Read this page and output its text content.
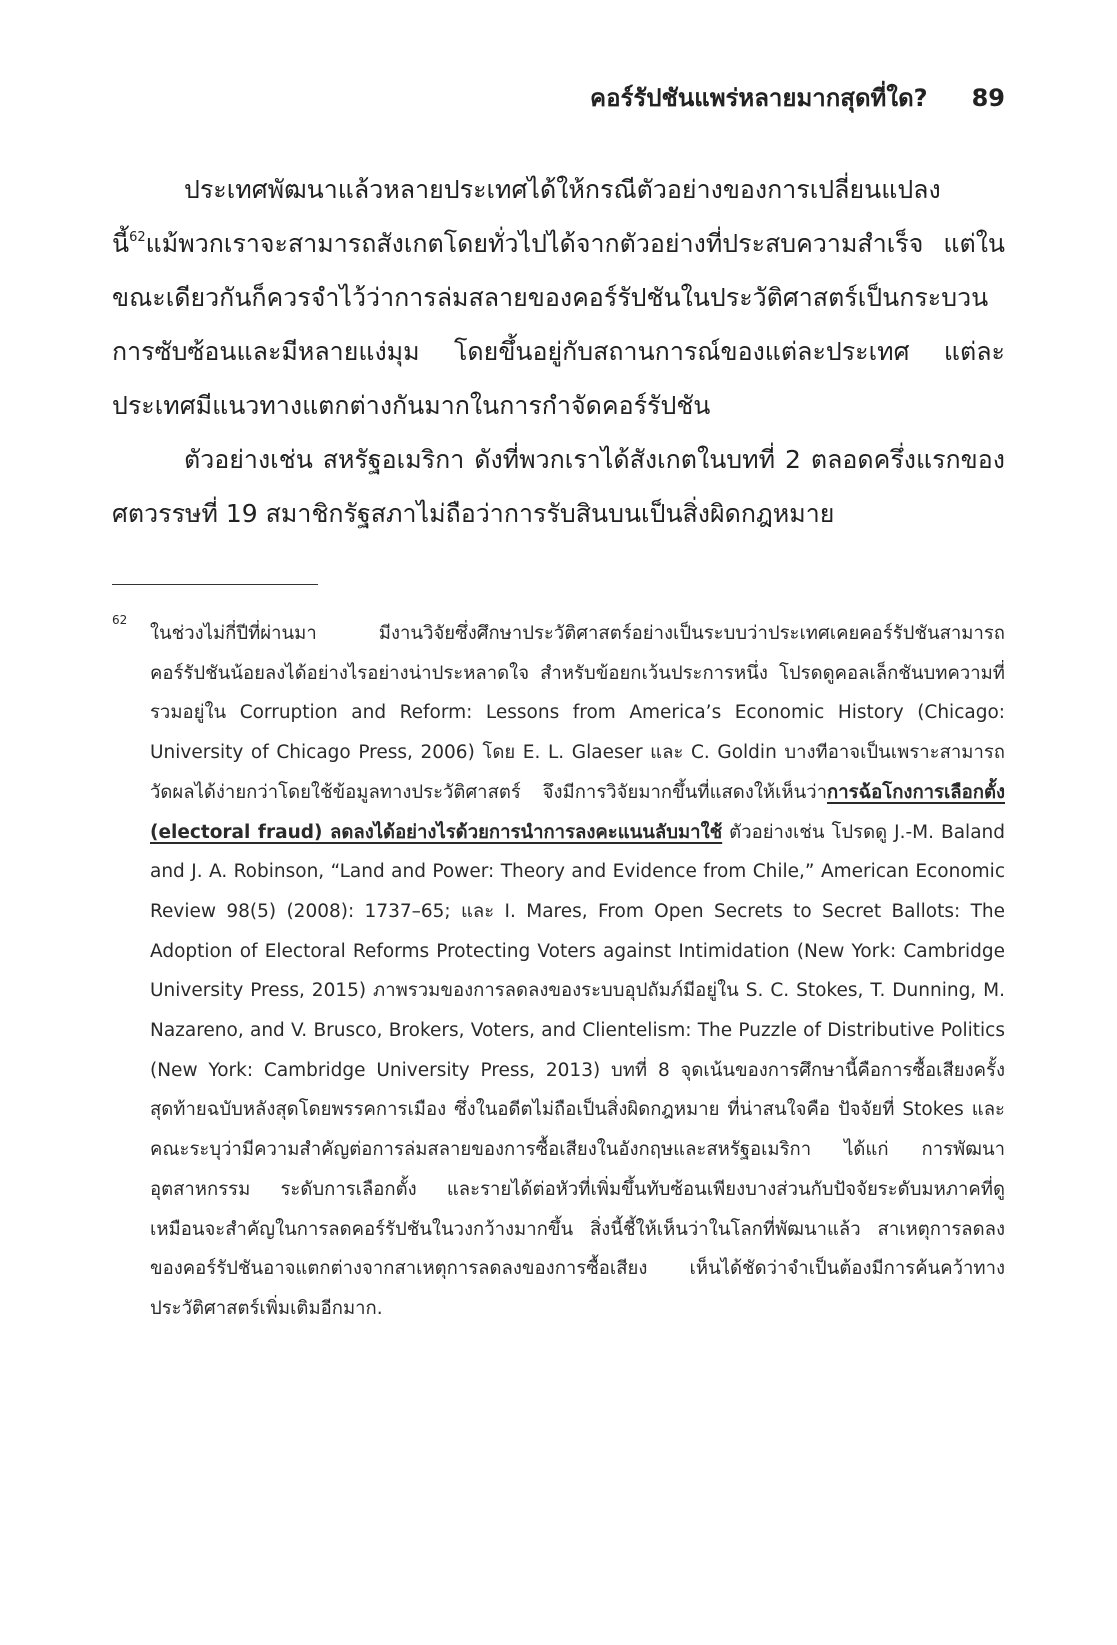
คอร์รัปชันแพร่หลายมากสุดที่ใด? 89

ประเทศพัฒนาแล้วหลายประเทศได้ให้กรณีตัวอย่างของการเปลี่ยนแปลงนี้$^{62}$แม้พวกเราจะสามารถสังเกตโดยทั่วไปได้จากตัวอย่างที่ประสบความสำเร็จ แต่ในขณะเดียวกันก็ควรจำไว้ว่าการล่มสลายของคอร์รัปชันในประวัติศาสตร์เป็นกระบวนการซับซ้อนและมีหลายแง่มุม โดยขึ้นอยู่กับสถานการณ์ของแต่ละประเทศ แต่ละประเทศมีแนวทางแตกต่างกันมากในการกำจัดคอร์รัปชัน

ตัวอย่างเช่น สหรัฐอเมริกา ดังที่พวกเราได้สังเกตในบทที่ 2 ตลอดครึ่งแรกของศตวรรษที่ 19 สมาชิกรัฐสภาไม่ถือว่าการรับสินบนเป็นสิ่งผิดกฎหมาย

62
ในช่วงไม่กี่ปีที่ผ่านมา มีงานวิจัยซึ่งศึกษาประวัติศาสตร์อย่างเป็นระบบว่าประเทศเคยคอร์รัปชันสามารถคอร์รัปชันน้อยลงได้อย่างไรอย่างน่าประหลาดใจ สำหรับข้อยกเว้นประการหนึ่ง โปรดดูคอลเล็กชันบทความที่รวมอยู่ใน Corruption and Reform: Lessons from America’s Economic History (Chicago: University of Chicago Press, 2006) โดย E. L. Glaeser และ C. Goldin บางทีอาจเป็นเพราะสามารถวัดผลได้ง่ายกว่าโดยใช้ข้อมูลทางประวัติศาสตร์ จึงมีการวิจัยมากขึ้นที่แสดงให้เห็นว่าการฉ้อโกงการเลือกตั้ง (electoral fraud) ลดลงได้อย่างไรด้วยการนำการลงคะแนนลับมาใช้ ตัวอย่างเช่น โปรดดู J.-M. Baland and J. A. Robinson, “Land and Power: Theory and Evidence from Chile,” American Economic Review 98(5) (2008): 1737–65; และ I. Mares, From Open Secrets to Secret Ballots: The Adoption of Electoral Reforms Protecting Voters against Intimidation (New York: Cambridge University Press, 2015) ภาพรวมของการลดลงของระบบอุปถัมภ์มีอยู่ใน S. C. Stokes, T. Dunning, M. Nazareno, and V. Brusco, Brokers, Voters, and Clientelism: The Puzzle of Distributive Politics (New York: Cambridge University Press, 2013) บทที่ 8 จุดเน้นของการศึกษานี้คือการซื้อเสียงครั้งสุดท้ายฉบับหลังสุดโดยพรรคการเมือง ซึ่งในอดีตไม่ถือเป็นสิ่งผิดกฎหมาย ที่น่าสนใจคือ ปัจจัยที่ Stokes และคณะระบุว่ามีความสำคัญต่อการล่มสลายของการซื้อเสียงในอังกฤษและสหรัฐอเมริกา ได้แก่ การพัฒนาอุตสาหกรรม ระดับการเลือกตั้ง และรายได้ต่อหัวที่เพิ่มขึ้นทับซ้อนเพียงบางส่วนกับปัจจัยระดับมหภาคที่ดูเหมือนจะสำคัญในการลดคอร์รัปชันในวงกว้างมากขึ้น สิ่งนี้ชี้ให้เห็นว่าในโลกที่พัฒนาแล้ว สาเหตุการลดลงของคอร์รัปชันอาจแตกต่างจากสาเหตุการลดลงของการซื้อเสียง เห็นได้ชัดว่าจำเป็นต้องมีการค้นคว้าทางประวัติศาสตร์เพิ่มเติมอีกมาก.
